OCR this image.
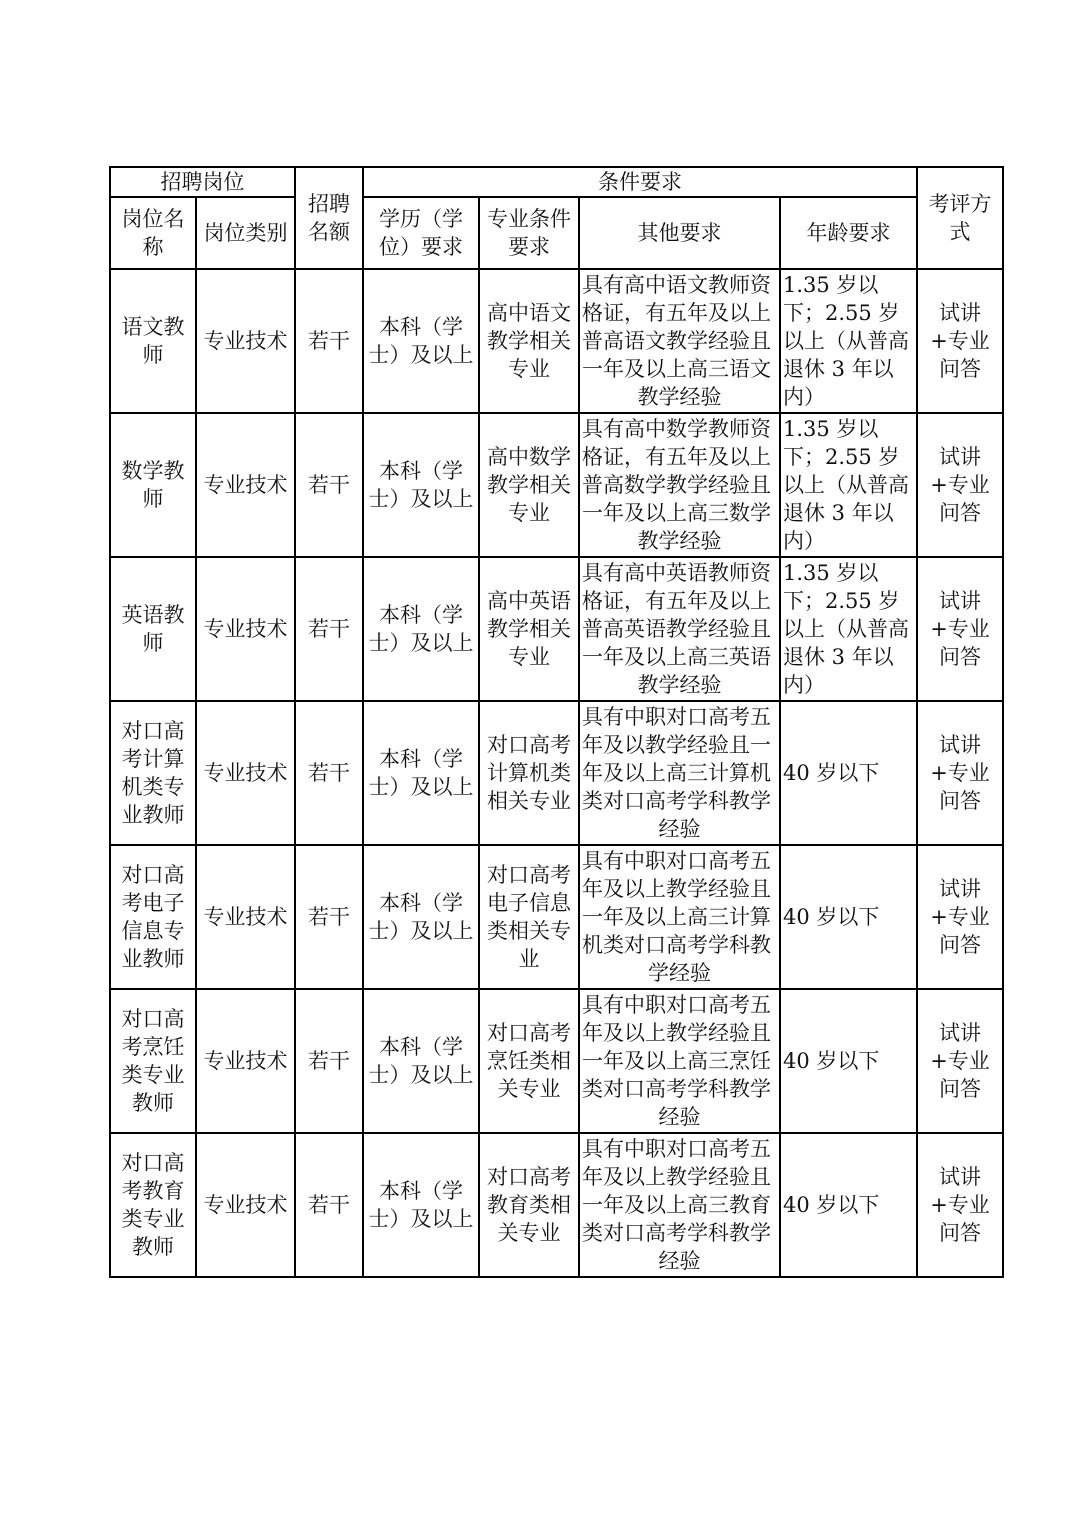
招聘岗位		招聘名额	条件要求				考评方式
岗位名称	岗位类别		学历（学位）要求	专业条件要求	其他要求	年龄要求	
语文教师	专业技术	若干	本科（学士）及以上	高中语文教学相关专业	具有高中语文教师资格证，有五年及以上普高语文教学经验且一年及以上高三语文教学经验	1.35 岁以下；2.55 岁以上（从普高退休 3 年以内）	试讲+专业问答
数学教师	专业技术	若干	本科（学士）及以上	高中数学教学相关专业	具有高中数学教师资格证，有五年及以上普高数学教学经验且一年及以上高三数学教学经验	1.35 岁以下；2.55 岁以上（从普高退休 3 年以内）	试讲+专业问答
英语教师	专业技术	若干	本科（学士）及以上	高中英语教学相关专业	具有高中英语教师资格证，有五年及以上普高英语教学经验且一年及以上高三英语教学经验	1.35 岁以下；2.55 岁以上（从普高退休 3 年以内）	试讲+专业问答
对口高考计算机类专业教师	专业技术	若干	本科（学士）及以上	对口高考计算机类相关专业	具有中职对口高考五年及以教学经验且一年及以上高三计算机类对口高考学科教学经验	40 岁以下	试讲+专业问答
对口高考电子信息专业教师	专业技术	若干	本科（学士）及以上	对口高考电子信息类相关专业	具有中职对口高考五年及以上教学经验且一年及以上高三计算机类对口高考学科教学经验	40 岁以下	试讲+专业问答
对口高考烹饪类专业教师	专业技术	若干	本科（学士）及以上	对口高考烹饪类相关专业	具有中职对口高考五年及以上教学经验且一年及以上高三烹饪类对口高考学科教学经验	40 岁以下	试讲+专业问答
对口高考教育类专业教师	专业技术	若干	本科（学士）及以上	对口高考教育类相关专业	具有中职对口高考五年及以上教学经验且一年及以上高三教育类对口高考学科教学经验	40 岁以下	试讲+专业问答
